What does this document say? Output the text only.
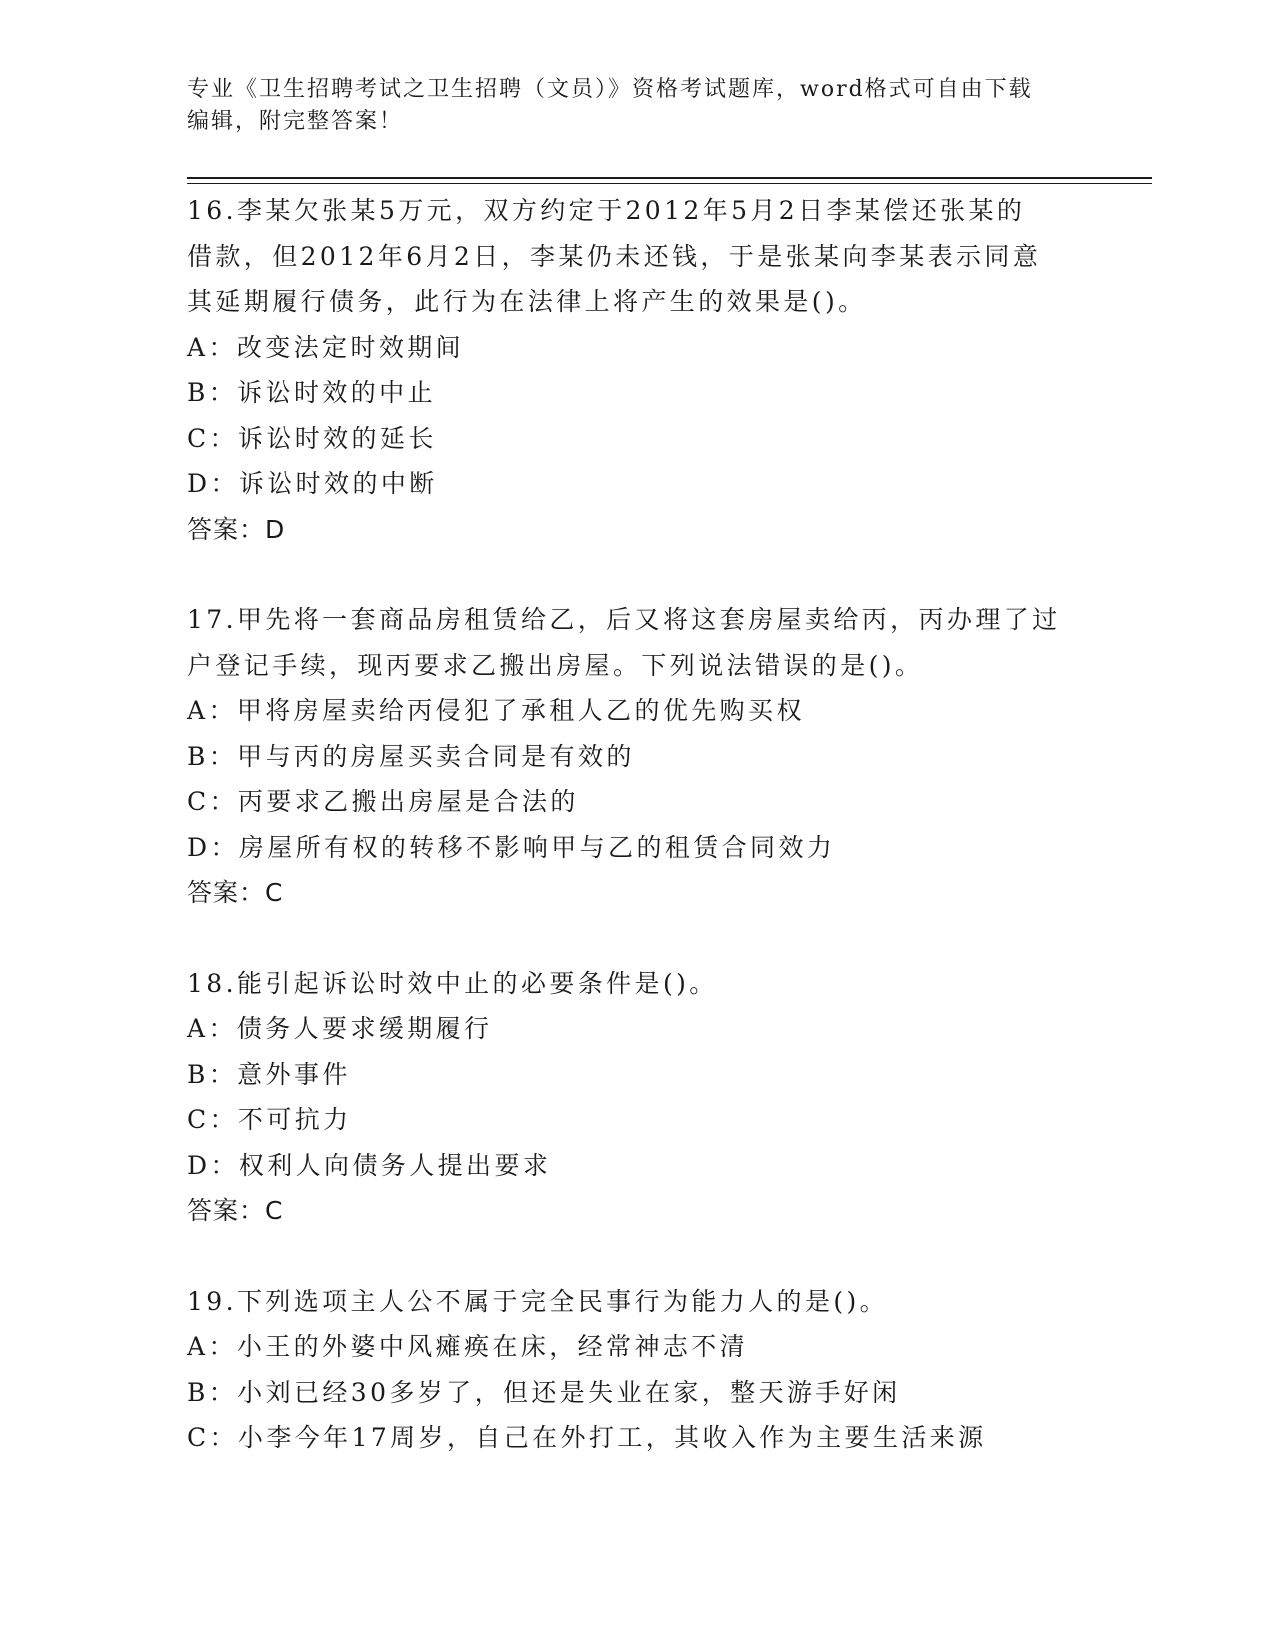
专业《卫生招聘考试之卫生招聘（文员）》资格考试题库，word格式可自由下载
编辑，附完整答案！
16.李某欠张某5万元，双方约定于2012年5月2日李某偿还张某的
借款，但2012年6月2日，李某仍未还钱，于是张某向李某表示同意
其延期履行债务，此行为在法律上将产生的效果是()。
A：改变法定时效期间
B：诉讼时效的中止
C：诉讼时效的延长
D：诉讼时效的中断
答案：D
17.甲先将一套商品房租赁给乙，后又将这套房屋卖给丙，丙办理了过
户登记手续，现丙要求乙搬出房屋。下列说法错误的是()。
A：甲将房屋卖给丙侵犯了承租人乙的优先购买权
B：甲与丙的房屋买卖合同是有效的
C：丙要求乙搬出房屋是合法的
D：房屋所有权的转移不影响甲与乙的租赁合同效力
答案：C
18.能引起诉讼时效中止的必要条件是()。
A：债务人要求缓期履行
B：意外事件
C：不可抗力
D：权利人向债务人提出要求
答案：C
19.下列选项主人公不属于完全民事行为能力人的是()。
A：小王的外婆中风瘫痪在床，经常神志不清
B：小刘已经30多岁了，但还是失业在家，整天游手好闲
C：小李今年17周岁，自己在外打工，其收入作为主要生活来源
